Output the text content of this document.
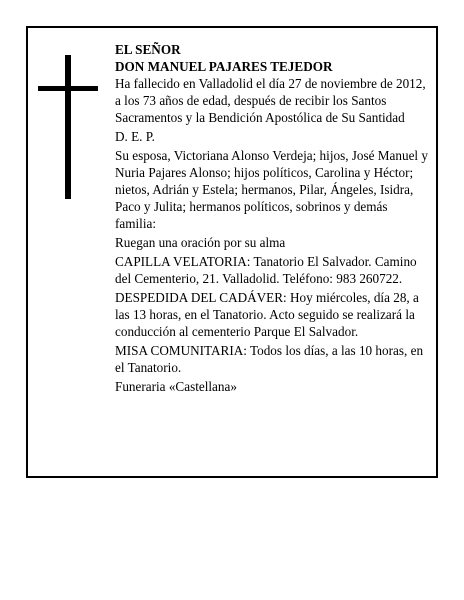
EL SEÑOR

DON MANUEL PAJARES TEJEDOR

Ha fallecido en Valladolid el día 27 de noviembre de 2012, a los 73 años de edad, después de recibir los Santos Sacramentos y la Bendición Apostólica de Su Santidad

D. E. P.

Su esposa, Victoriana Alonso Verdeja; hijos, José Manuel y Nuria Pajares Alonso; hijos políticos, Carolina y Héctor; nietos, Adrián y Estela; hermanos, Pilar, Ángeles, Isidra, Paco y Julita; hermanos políticos, sobrinos y demás familia:

Ruegan una oración por su alma

CAPILLA VELATORIA: Tanatorio El Salvador. Camino del Cementerio, 21. Valladolid. Teléfono: 983 260722.

DESPEDIDA DEL CADÁVER: Hoy miércoles, día 28, a las 13 horas, en el Tanatorio. Acto seguido se realizará la conducción al cementerio Parque El Salvador.

MISA COMUNITARIA: Todos los días, a las 10 horas, en el Tanatorio.

Funeraria «Castellana»
